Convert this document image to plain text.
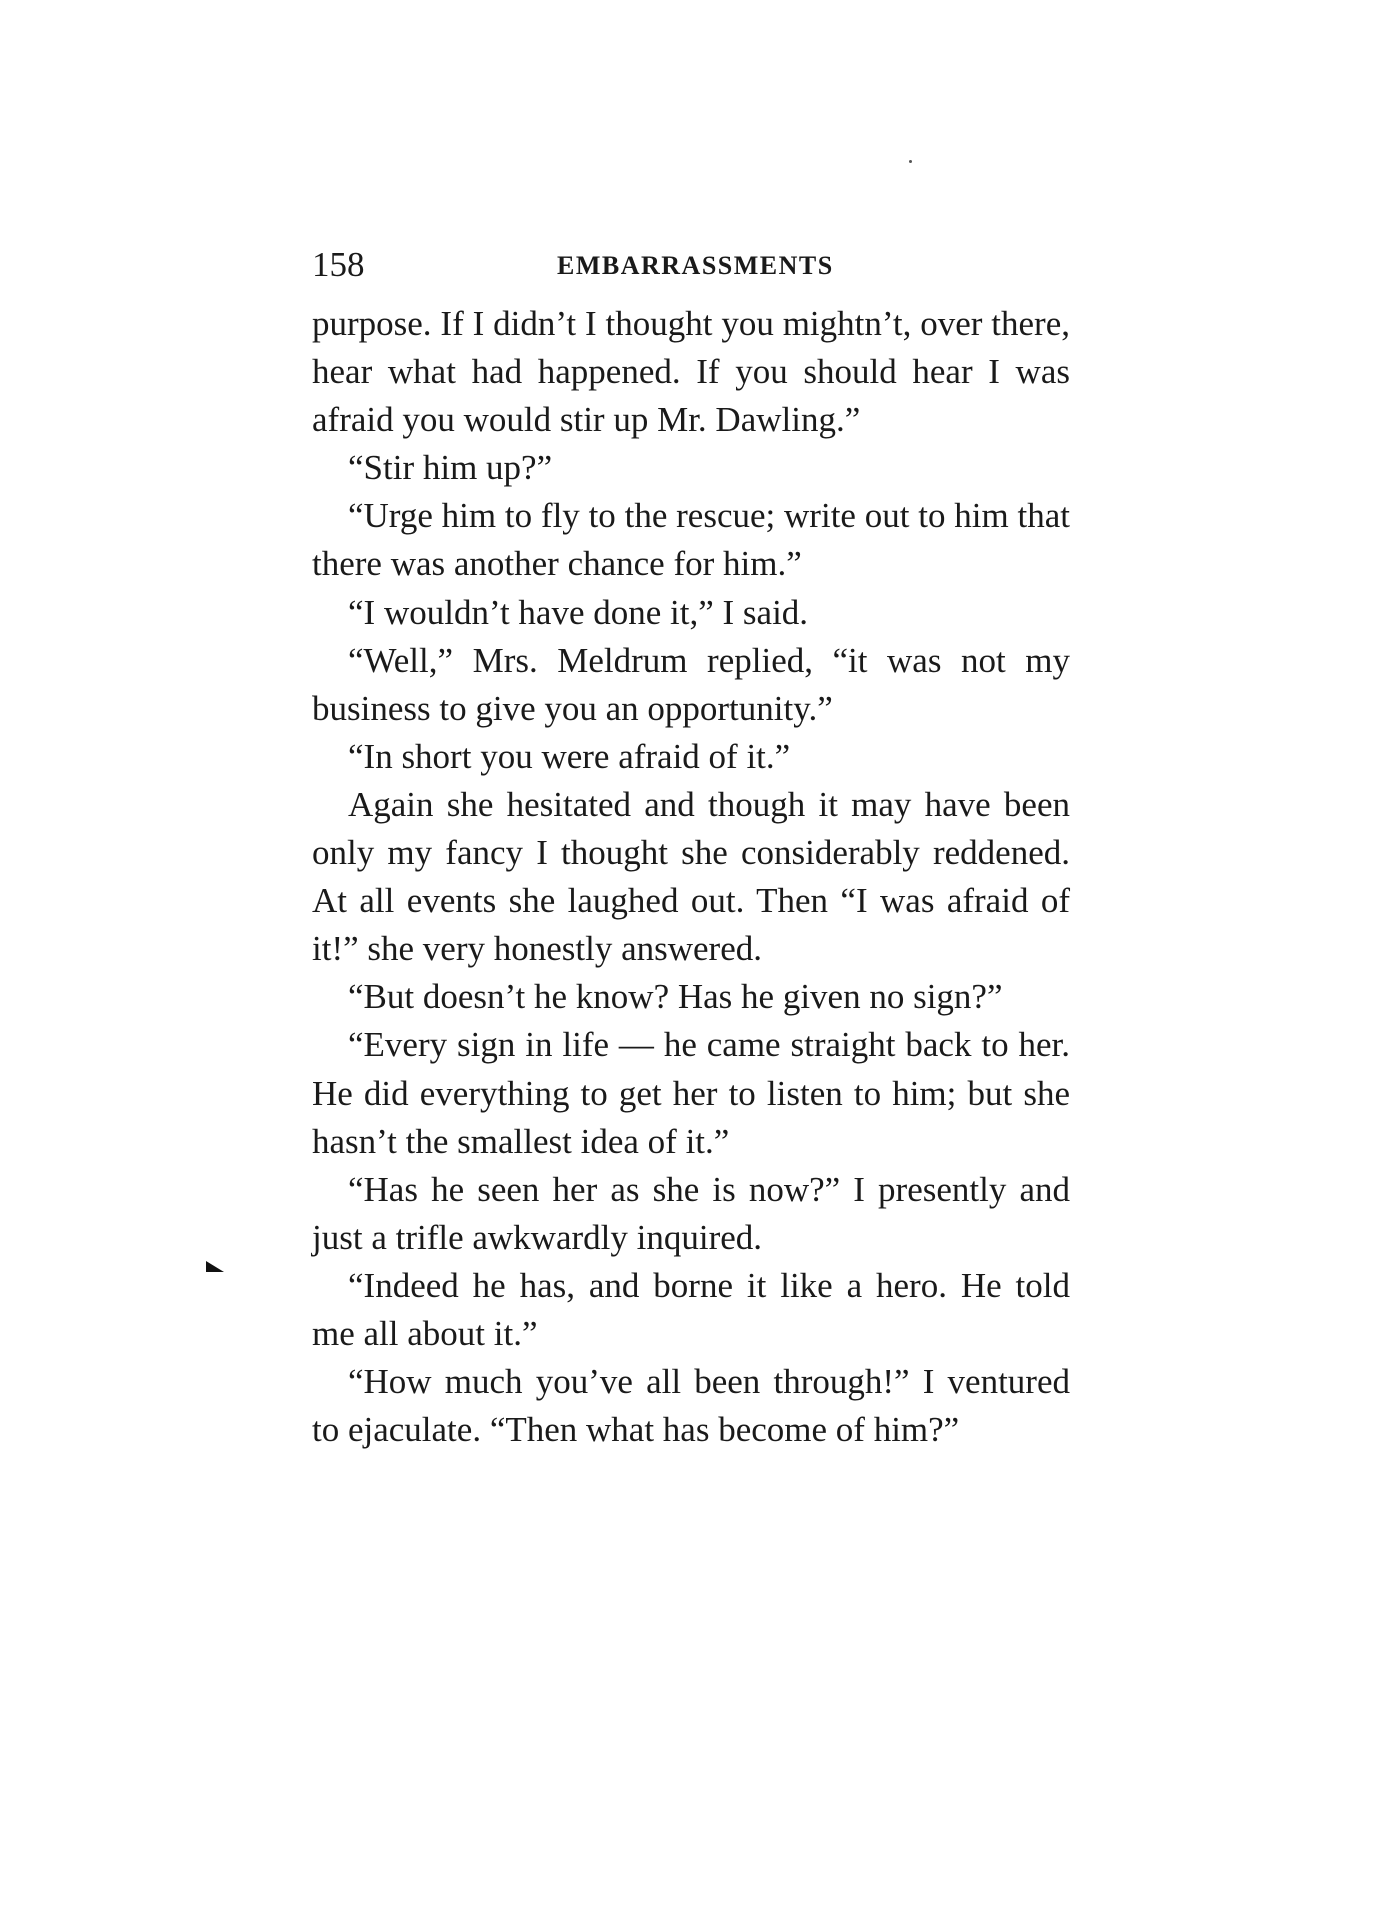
158	EMBARRASSMENTS

purpose. If I didn’t I thought you mightn’t, over there, hear what had happened. If you should hear I was afraid you would stir up Mr. Dawling.”

“Stir him up?”

“Urge him to fly to the rescue; write out to him that there was another chance for him.”

“I wouldn’t have done it,” I said.

“Well,” Mrs. Meldrum replied, “it was not my business to give you an opportunity.”

“In short you were afraid of it.”

Again she hesitated and though it may have been only my fancy I thought she considerably reddened. At all events she laughed out. Then “I was afraid of it!” she very honestly answered.

“But doesn’t he know? Has he given no sign?”

“Every sign in life — he came straight back to her. He did everything to get her to listen to him; but she hasn’t the smallest idea of it.”

“Has he seen her as she is now?” I presently and just a trifle awkwardly inquired.

“Indeed he has, and borne it like a hero. He told me all about it.”

“How much you’ve all been through!” I ventured to ejaculate. “Then what has become of him?”
